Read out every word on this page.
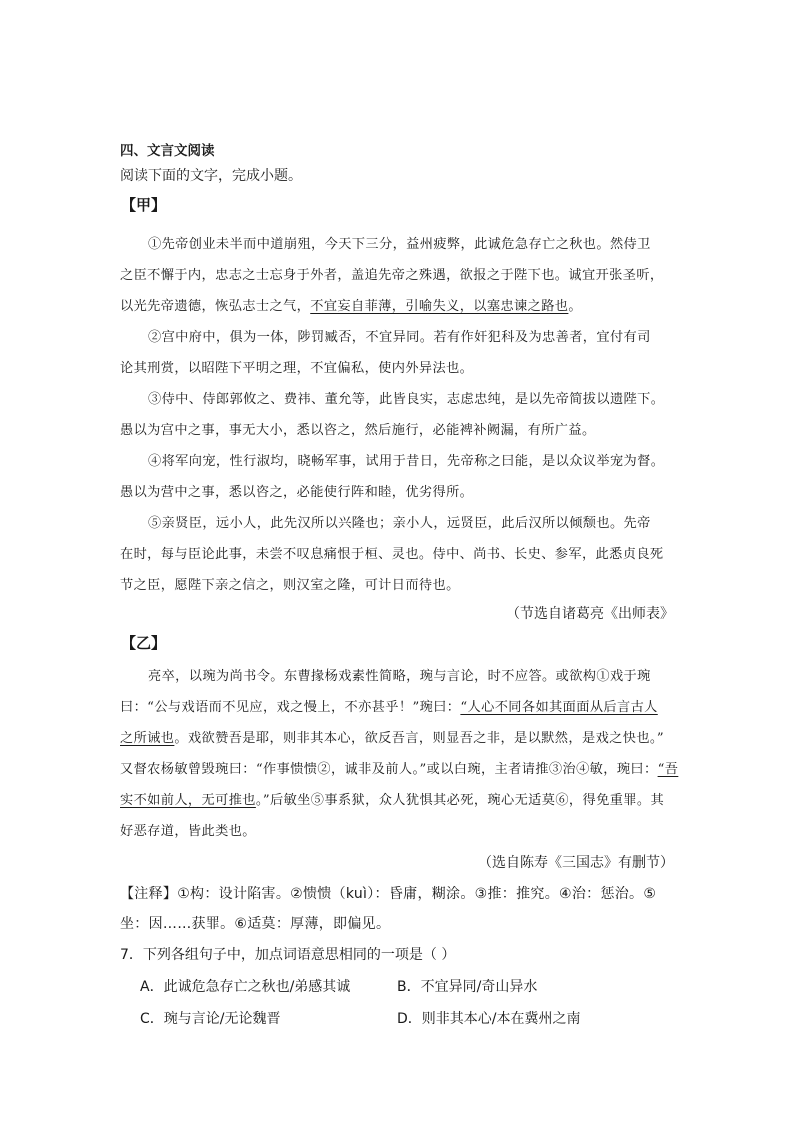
四、文言文阅读
阅读下面的文字，完成小题。
【甲】
①先帝创业未半而中道崩殂，今天下三分，益州疲弊，此诚危急存亡之秋也。然侍卫
之臣不懈于内，忠志之士忘身于外者，盖追先帝之殊遇，欲报之于陛下也。诚宜开张圣听，
以光先帝遗德，恢弘志士之气，不宜妄自菲薄，引喻失义，以塞忠谏之路也。
②宫中府中，俱为一体，陟罚臧否，不宜异同。若有作奸犯科及为忠善者，宜付有司
论其刑赏，以昭陛下平明之理，不宜偏私，使内外异法也。
③侍中、侍郎郭攸之、费祎、董允等，此皆良实，志虑忠纯，是以先帝简拔以遗陛下。
愚以为宫中之事，事无大小，悉以咨之，然后施行，必能裨补阙漏，有所广益。
④将军向宠，性行淑均，晓畅军事，试用于昔日，先帝称之曰能，是以众议举宠为督。
愚以为营中之事，悉以咨之，必能使行阵和睦，优劣得所。
⑤亲贤臣，远小人，此先汉所以兴隆也；亲小人，远贤臣，此后汉所以倾颓也。先帝
在时，每与臣论此事，未尝不叹息痛恨于桓、灵也。侍中、尚书、长史、参军，此悉贞良死
节之臣，愿陛下亲之信之，则汉室之隆，可计日而待也。
（节选自诸葛亮《出师表》
【乙】
亮卒，以琬为尚书令。东曹掾杨戏素性简略，琬与言论，时不应答。或欲构①戏于琬
曰：“公与戏语而不见应，戏之慢上，不亦甚乎！”琬曰：“人心不同各如其面面从后言古人
之所诫也。戏欲赞吾是耶，则非其本心，欲反吾言，则显吾之非，是以默然，是戏之快也。”
又督农杨敏曾毁琬曰：“作事愦愦②，诚非及前人。”或以白琬，主者请推③治④敏，琬曰：“吾
实不如前人，无可推也。”后敏坐⑤事系狱，众人犹惧其必死，琬心无适莫⑥，得免重罪。其
好恶存道，皆此类也。
（选自陈寿《三国志》有删节）
【注释】①构：设计陷害。②愦愦（kuì）：昏庸，糊涂。③推：推究。④治：惩治。⑤
坐：因……获罪。⑥适莫：厚薄，即偏见。
7．下列各组句子中，加点词语意思相同的一项是（ ）
A．此诚危急存亡之秋也/弟感其诚	B．不宜异同/奇山异水
C．琬与言论/无论魏晋	D．则非其本心/本在冀州之南
